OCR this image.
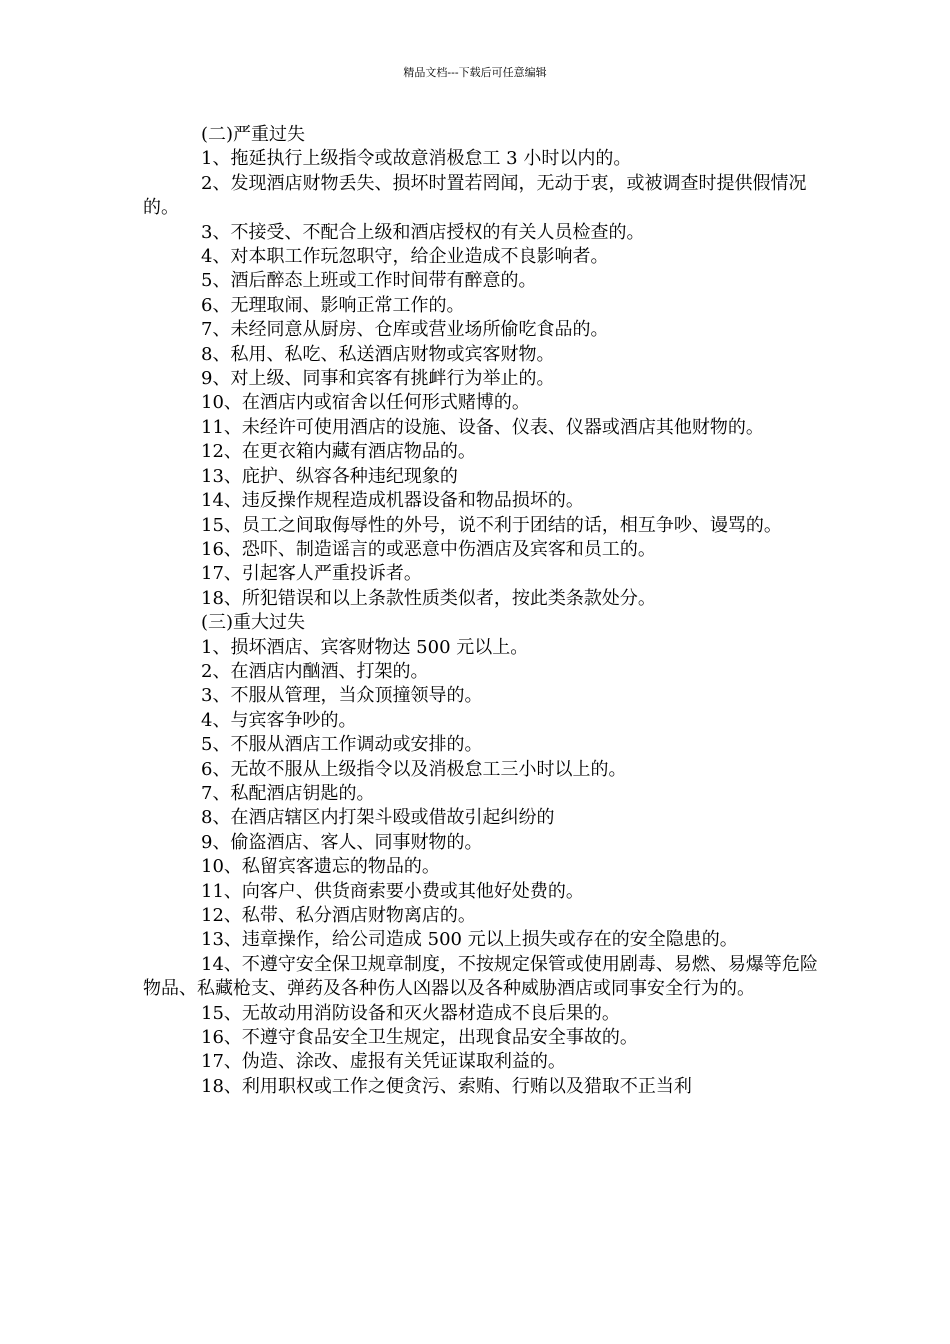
精品文档---下载后可任意编辑

(二)严重过失

1、拖延执行上级指令或故意消极怠工 3 小时以内的。

2、发现酒店财物丢失、损坏时置若罔闻，无动于衷，或被调查时提供假情况的。

3、不接受、不配合上级和酒店授权的有关人员检查的。

4、对本职工作玩忽职守，给企业造成不良影响者。

5、酒后醉态上班或工作时间带有醉意的。

6、无理取闹、影响正常工作的。

7、未经同意从厨房、仓库或营业场所偷吃食品的。

8、私用、私吃、私送酒店财物或宾客财物。

9、对上级、同事和宾客有挑衅行为举止的。

10、在酒店内或宿舍以任何形式赌博的。

11、未经许可使用酒店的设施、设备、仪表、仪器或酒店其他财物的。

12、在更衣箱内藏有酒店物品的。

13、庇护、纵容各种违纪现象的

14、违反操作规程造成机器设备和物品损坏的。

15、员工之间取侮辱性的外号，说不利于团结的话，相互争吵、谩骂的。

16、恐吓、制造谣言的或恶意中伤酒店及宾客和员工的。

17、引起客人严重投诉者。

18、所犯错误和以上条款性质类似者，按此类条款处分。

(三)重大过失

1、损坏酒店、宾客财物达 500 元以上。

2、在酒店内酗酒、打架的。

3、不服从管理，当众顶撞领导的。

4、与宾客争吵的。

5、不服从酒店工作调动或安排的。

6、无故不服从上级指令以及消极怠工三小时以上的。

7、私配酒店钥匙的。

8、在酒店辖区内打架斗殴或借故引起纠纷的

9、偷盗酒店、客人、同事财物的。

10、私留宾客遗忘的物品的。

11、向客户、供货商索要小费或其他好处费的。

12、私带、私分酒店财物离店的。

13、违章操作，给公司造成 500 元以上损失或存在的安全隐患的。

14、不遵守安全保卫规章制度，不按规定保管或使用剧毒、易燃、易爆等危险物品、私藏枪支、弹药及各种伤人凶器以及各种威胁酒店或同事安全行为的。

15、无故动用消防设备和灭火器材造成不良后果的。

16、不遵守食品安全卫生规定，出现食品安全事故的。

17、伪造、涂改、虚报有关凭证谋取利益的。

18、利用职权或工作之便贪污、索贿、行贿以及猎取不正当利
